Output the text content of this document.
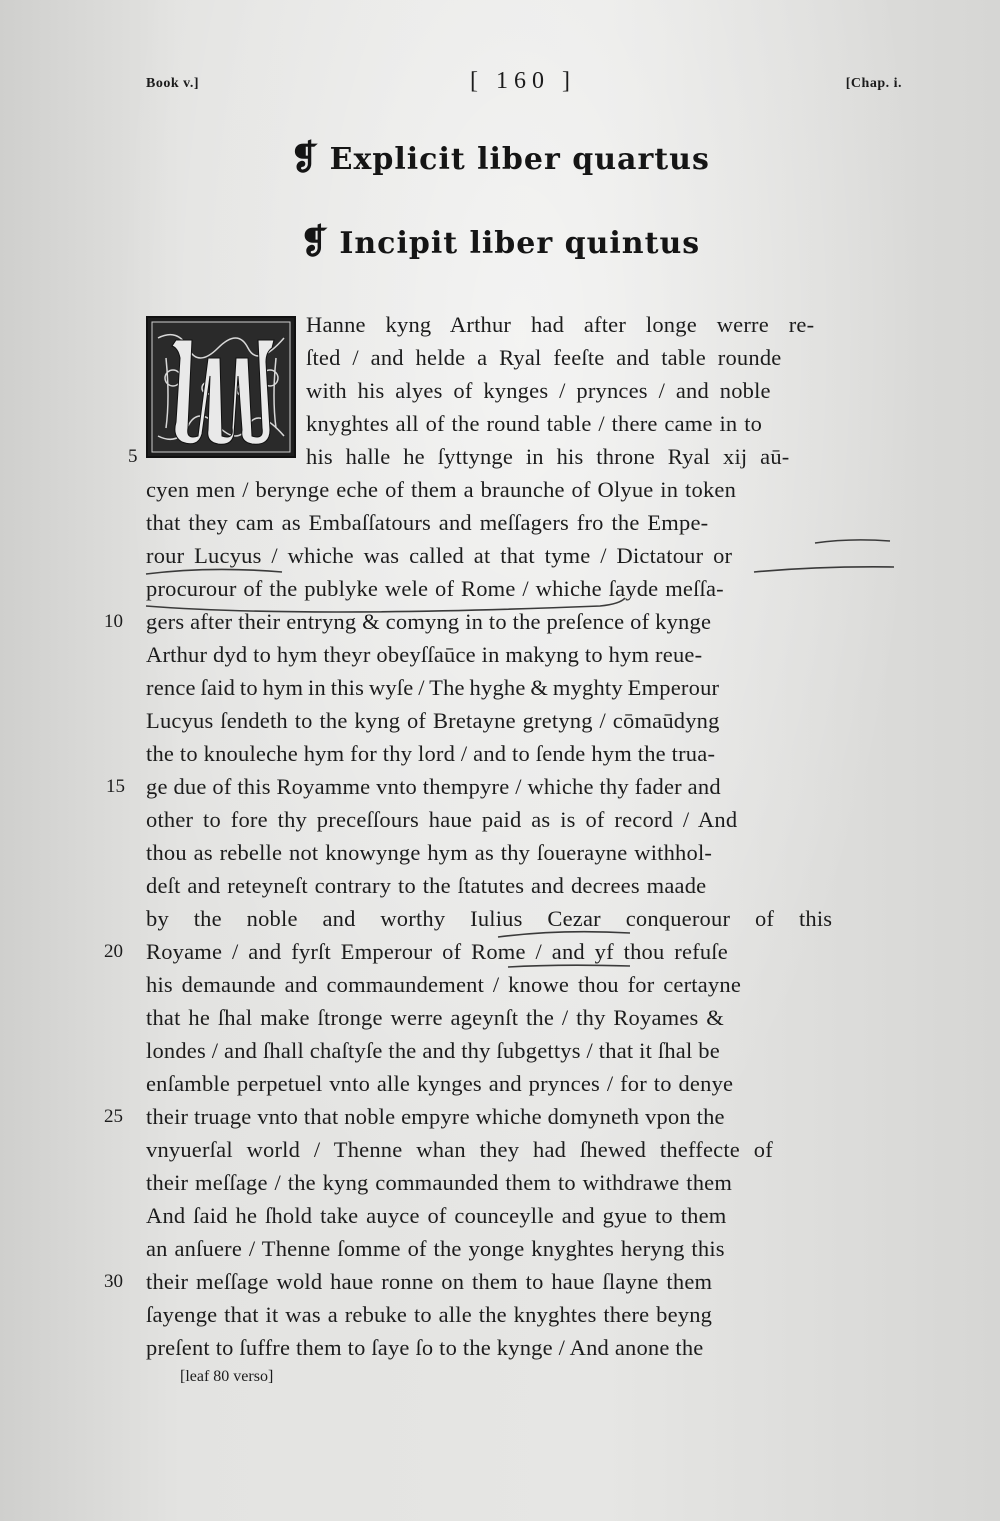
Book v.]	[ 160 ]	[Chap. i.
❡ Explicit liber quartus
❡ Incipit liber quintus
Hanne kyng Arthur had after longe werre re-
ſted / and helde a Ryal feeſte and table rounde
with his alyes of kynges / prynces / and noble
knyghtes all of the round table / there came in to
his halle he ſyttynge in his throne Ryal xij aū-
cyen men / berynge eche of them a braunche of Olyue in token
that they cam as Embaſſatours and meſſagers fro the Empe-
rour Lucyus / whiche was called at that tyme / Dictatour or
procurour of the publyke wele of Rome / whiche ſayde meſſa-
gers after their entryng & comyng in to the preſence of kynge
Arthur dyd to hym theyr obeyſſaūce in makyng to hym reue-
rence ſaid to hym in this wyſe / The hyghe & myghty Emperour
Lucyus ſendeth to the kyng of Bretayne gretyng / cōmaūdyng
the to knouleche hym for thy lord / and to ſende hym the trua-
ge due of this Royamme vnto thempyre / whiche thy fader and
other to fore thy preceſſours haue paid as is of record / And
thou as rebelle not knowynge hym as thy ſouerayne withhol-
deſt and reteyneſt contrary to the ſtatutes and decrees maade
by the noble and worthy Iulius Cezar conquerour of this
Royame / and fyrſt Emperour of Rome / and yf thou refuſe
his demaunde and commaundement / knowe thou for certayne
that he ſhal make ſtronge werre ageynſt the / thy Royames &
londes / and ſhall chaſtyſe the and thy ſubgettys / that it ſhal be
enſamble perpetuel vnto alle kynges and prynces / for to denye
their truage vnto that noble empyre whiche domyneth vpon the
vnyuerſal world / Thenne whan they had ſhewed theffecte of
their meſſage / the kyng commaunded them to withdrawe them
And ſaid he ſhold take auyce of counceylle and gyue to them
an anſuere / Thenne ſomme of the yonge knyghtes heryng this
their meſſage wold haue ronne on them to haue ſlayne them
ſayenge that it was a rebuke to alle the knyghtes there beyng
preſent to ſuffre them to ſaye ſo to the kynge / And anone the
5
10
15
20
25
30
[leaf 80 verso]
